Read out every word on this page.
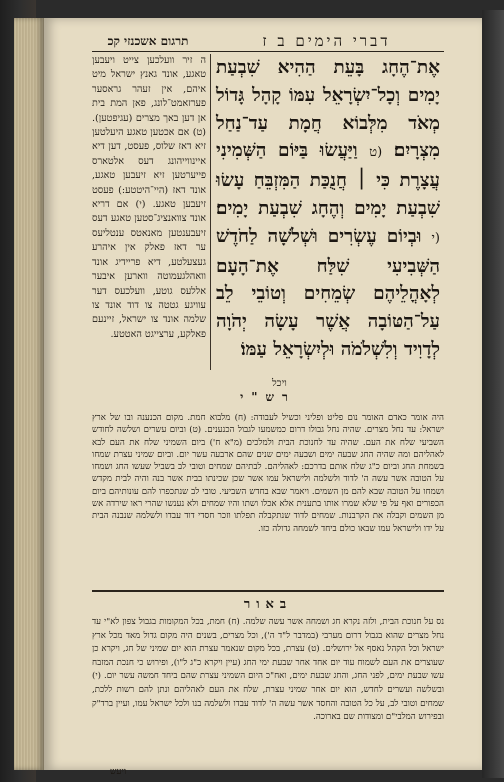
דברי הימים ב ז
תרגום אשכנזי קכ
אֶת־הֶחָג בָּעֵת הַהִיא שִׁבְעַת יָמִים וְכָל־יִשְׂרָאֵל עִמּוֹ קָהָל גָּדוֹל מְאֹד מִלְּבוֹא חֲמָת עַד־נַחַל מִצְרָיִם׃ (ט וַיַּעֲשׂוּ בַּיּוֹם הַשְּׁמִינִי עֲצָרֶת כִּי ׀ חֲנֻכַּת הַמִּזְבֵּחַ עָשׂוּ שִׁבְעַת יָמִים וְהֶחָג שִׁבְעַת יָמִים׃ (י וּבְיוֹם עֶשְׂרִים וּשְׁלֹשָׁה לַחֹדֶשׁ הַשְּׁבִיעִי שִׁלַּח אֶת־הָעָם לְאָהֳלֵיהֶם שְׂמֵחִים וְטוֹבֵי לֵב עַל־הַטּוֹבָה אֲשֶׁר עָשָׂה יְהֹוָה לְדָוִיד וְלִשְׁלֹמֹה וּלְיִשְׂרָאֵל עַמּוֹ׃
ה זיר וועלכען צייט ויעבען טאגע, אונד גאנץ ישראל מיט איהם, אין זעהר גראסער פערזאמט־לונג, פאן המת בית אן דען באך מצרים (עגיפטען). (ט) אם אכטען טאגע היעלטען זיא דאז שלוס, פעסט, דען דיא איינווייהונג דעס אלטארס פייערטען זיא זיעבען טאגע, אונד דאז (היי־היטטע:) פעסט זיעבען טאגע. (י) אם דריא אונד צוואנציג־סטען טאגע דעס זיעבענטען מאנאטס ענטליעס ער דאז פאלק אין איהרע געצעלטע, דיא פריידיג אונד וואהלגעמוטה ווארען איבער אללעס גוטע, וועלכעס דער עוויגע גטטה צו דוד אונד צו שלמה אונד צו ישראל, זיינעם פאלקע, ערצייגט האטטע.
ויכל
רש"י
היה אומר כאדם האומר נום פליט ופליני וכשיל לעבודה: (ח) מלבוא חמת. מקום הכנענה ובו של ארץ ישראל: עד נחל מצרים. שהיה נחל גבולו דרום כמשמעו לגבול הכנענים. (ט) וביום עשרים ושלשה לחודש השביעי שלח את העם. שהיה עד לחנוכת הבית ולמלכים (מ"א ח') ביום השמיני שלח את העם לבא לאהליהם ומה שהיה החג שבעה ימים ושבעה ימים שנים שהם ארבעה עשר יום. וביום שמיני עצרת שמחו בשמחת החג וביום כ"ג שלח אותם בדרכם: לאהליהם. לבתיהם שמחים וטובי לב בשביל שעשו החג ושמחו על הטובה אשר עשה ה' לדוד ולשלמה ולישראל עמו אשר שכן שכינתו בבית אשר בנה והיה לבית מקדש ושמחו על הטובה שבא להם מן השמים. ויאמר שבא בחדש השביעי. טובי לב שנתכפרו להם עונותיהם ביום הכפורים ואף על פי שלא שמרו אותו בתענית אלא אכלו ושתו והיו שמחים ולא נענשו שהרי ראו שירדה אש מן השמים וקבלה את הקרבנות. שמחים לדוד שנתקבלה תפלתו וזכר חסדי דוד עבדו ולשלמה שנבנה הבית על ידו ולישראל עמו שבאו כולם ביחד לשמחה גדולה כזו.
באור
נס על חנוכת הבית, ולזה נקרא חג ושמחה אשר עשה שלמה. (ח) חמת, בכל המקומות בגבול צפון לא"י עד נחל מצרים שהוא בגבול דרום מערבי (במדבר ל"ד ה'), וכל מצרים, בשנים היה מקום גדול מאד מכל ארץ ישראל וכל הקהל נאסף אל ירושלים. (ט) עצרת, בכל מקום שנאמר עצרת הוא יום שמיני של חג, ויקרא כן שעוצרים את העם לשמוח עוד יום אחד אחר שבעת ימי החג (עיין ויקרא כ"ג ל"ו), ופירוש כי חנכת המזבח עשו שבעת ימים, לפני החג, והחג שבעת ימים, ואח"כ היום השמיני עצרת שהם ביחד חמשה עשר יום. (י) ובשלשה ועשרים לחדש, הוא יום אחר שמיני עצרת, שלח את העם לאהליהם ונתן להם רשות ללכת, שמחים וטובי לב, על כל הטובה והחסד אשר עשה ה' לדוד עבדו ולשלמה בנו ולכל ישראל עמו, ועיין ברד"ק ובפירוש המלבי"ם ומצודות שם בארוכה.
ויעש
